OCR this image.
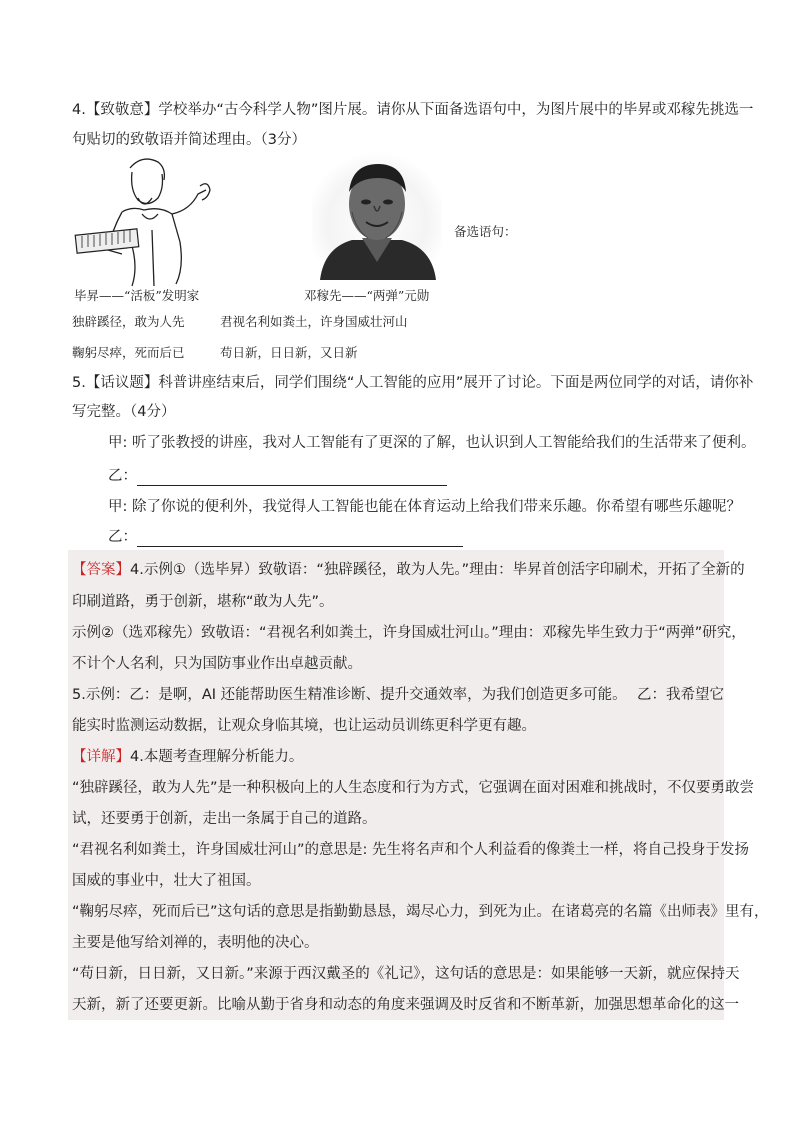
4.【致敬意】学校举办“古今科学人物”图片展。请你从下面备选语句中，为图片展中的毕昇或邓稼先挑选一
句贴切的致敬语并简述理由。（3分）
毕昇——“活板”发明家	邓稼先——“两弹”元勋
备选语句：
独辟蹊径，敢为人先	君视名利如粪土，许身国威壮河山
鞠躬尽瘁，死而后已	苟日新，日日新，又日新
5.【话议题】科普讲座结束后，同学们围绕“人工智能的应用”展开了讨论。下面是两位同学的对话，请你补
写完整。（4分）
甲: 听了张教授的讲座，我对人工智能有了更深的了解，也认识到人工智能给我们的生活带来了便利。
乙：
甲: 除了你说的便利外，我觉得人工智能也能在体育运动上给我们带来乐趣。你希望有哪些乐趣呢？
乙：
【答案】4.示例①（选毕昇）致敬语：“独辟蹊径，敢为人先。”理由：毕昇首创活字印刷术，开拓了全新的
印刷道路，勇于创新，堪称“敢为人先”。
示例②（选邓稼先）致敬语：“君视名利如粪土，许身国威壮河山。”理由：邓稼先毕生致力于“两弹”研究，
不计个人名利，只为国防事业作出卓越贡献。
5.示例：乙：是啊，AI 还能帮助医生精准诊断、提升交通效率，为我们创造更多可能。 乙：我希望它
能实时监测运动数据，让观众身临其境，也让运动员训练更科学更有趣。
【详解】4.本题考查理解分析能力。
“独辟蹊径，敢为人先”是一种积极向上的人生态度和行为方式，它强调在面对困难和挑战时，不仅要勇敢尝
试，还要勇于创新，走出一条属于自己的道路。
“君视名利如粪土，许身国威壮河山”的意思是: 先生将名声和个人利益看的像粪土一样，将自己投身于发扬
国威的事业中，壮大了祖国。
“鞠躬尽瘁，死而后已”这句话的意思是指勤勤恳恳，竭尽心力，到死为止。在诸葛亮的名篇《出师表》里有，
主要是他写给刘禅的，表明他的决心。
“苟日新，日日新，又日新。”来源于西汉戴圣的《礼记》，这句话的意思是：如果能够一天新，就应保持天
天新，新了还要更新。比喻从勤于省身和动态的角度来强调及时反省和不断革新，加强思想革命化的这一
